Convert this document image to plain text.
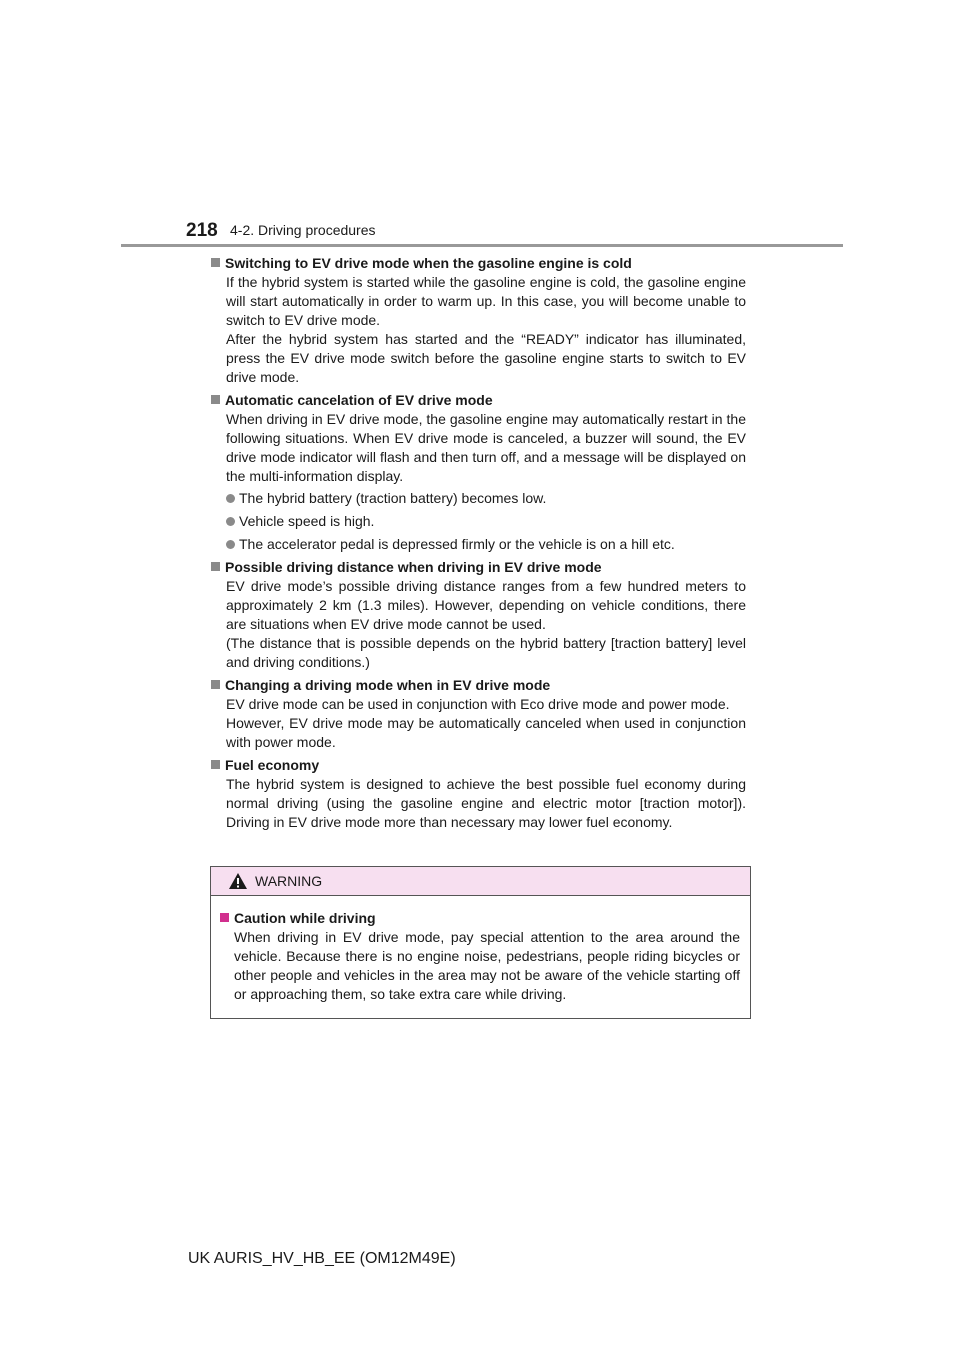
218 4-2. Driving procedures
Switching to EV drive mode when the gasoline engine is cold

If the hybrid system is started while the gasoline engine is cold, the gasoline engine will start automatically in order to warm up. In this case, you will become unable to switch to EV drive mode.

After the hybrid system has started and the “READY” indicator has illuminated, press the EV drive mode switch before the gasoline engine starts to switch to EV drive mode.

Automatic cancelation of EV drive mode

When driving in EV drive mode, the gasoline engine may automatically restart in the following situations. When EV drive mode is canceled, a buzzer will sound, the EV drive mode indicator will flash and then turn off, and a message will be displayed on the multi-information display.

The hybrid battery (traction battery) becomes low.
Vehicle speed is high.
The accelerator pedal is depressed firmly or the vehicle is on a hill etc.
Possible driving distance when driving in EV drive mode

EV drive mode’s possible driving distance ranges from a few hundred meters to approximately 2 km (1.3 miles). However, depending on vehicle conditions, there are situations when EV drive mode cannot be used.

(The distance that is possible depends on the hybrid battery [traction battery] level and driving conditions.)

Changing a driving mode when in EV drive mode

EV drive mode can be used in conjunction with Eco drive mode and power mode.

However, EV drive mode may be automatically canceled when used in conjunction with power mode.

Fuel economy

The hybrid system is designed to achieve the best possible fuel economy during normal driving (using the gasoline engine and electric motor [traction motor]). Driving in EV drive mode more than necessary may lower fuel economy.

WARNING
Caution while driving

When driving in EV drive mode, pay special attention to the area around the vehicle. Because there is no engine noise, pedestrians, people riding bicycles or other people and vehicles in the area may not be aware of the vehicle starting off or approaching them, so take extra care while driving.

UK AURIS_HV_HB_EE (OM12M49E)
